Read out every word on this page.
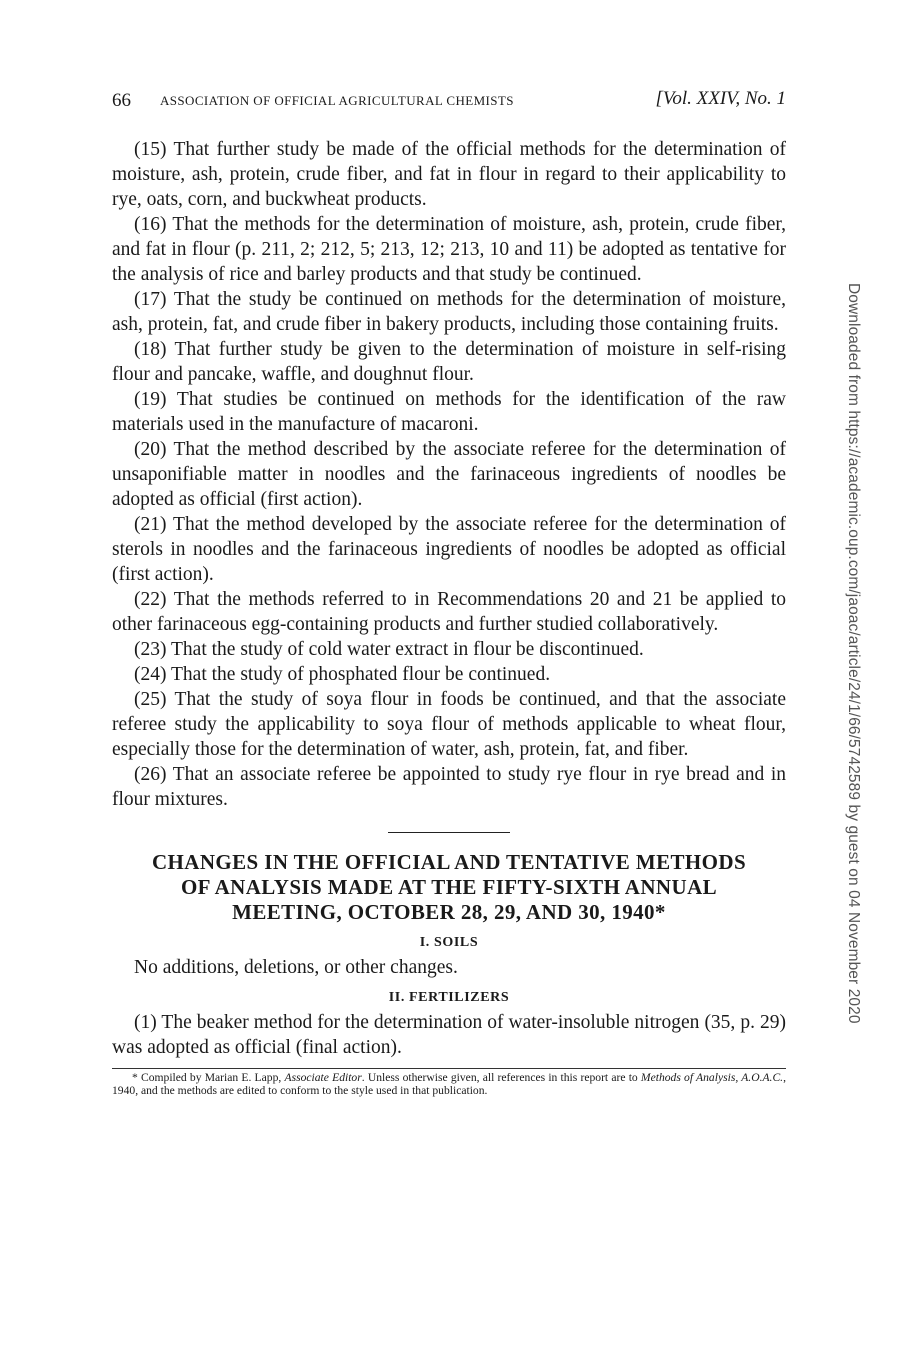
66 ASSOCIATION OF OFFICIAL AGRICULTURAL CHEMISTS	[Vol. XXIV, No. 1

(15) That further study be made of the official methods for the determination of moisture, ash, protein, crude fiber, and fat in flour in regard to their applicability to rye, oats, corn, and buckwheat products.

(16) That the methods for the determination of moisture, ash, protein, crude fiber, and fat in flour (p. 211, 2; 212, 5; 213, 12; 213, 10 and 11) be adopted as tentative for the analysis of rice and barley products and that study be continued.

(17) That the study be continued on methods for the determination of moisture, ash, protein, fat, and crude fiber in bakery products, including those containing fruits.

(18) That further study be given to the determination of moisture in self-rising flour and pancake, waffle, and doughnut flour.

(19) That studies be continued on methods for the identification of the raw materials used in the manufacture of macaroni.

(20) That the method described by the associate referee for the determination of unsaponifiable matter in noodles and the farinaceous ingredients of noodles be adopted as official (first action).

(21) That the method developed by the associate referee for the determination of sterols in noodles and the farinaceous ingredients of noodles be adopted as official (first action).

(22) That the methods referred to in Recommendations 20 and 21 be applied to other farinaceous egg-containing products and further studied collaboratively.

(23) That the study of cold water extract in flour be discontinued.

(24) That the study of phosphated flour be continued.

(25) That the study of soya flour in foods be continued, and that the associate referee study the applicability to soya flour of methods applicable to wheat flour, especially those for the determination of water, ash, protein, fat, and fiber.

(26) That an associate referee be appointed to study rye flour in rye bread and in flour mixtures.

CHANGES IN THE OFFICIAL AND TENTATIVE METHODS
OF ANALYSIS MADE AT THE FIFTY-SIXTH ANNUAL
MEETING, OCTOBER 28, 29, AND 30, 1940*
I. SOILS

No additions, deletions, or other changes.

II. FERTILIZERS

(1) The beaker method for the determination of water-insoluble nitrogen (35, p. 29) was adopted as official (final action).

* Compiled by Marian E. Lapp, Associate Editor. Unless otherwise given, all references in this report are to Methods of Analysis, A.O.A.C., 1940, and the methods are edited to conform to the style used in that publication.
Downloaded from https://academic.oup.com/jaoac/article/24/1/66/5742589 by guest on 04 November 2020
